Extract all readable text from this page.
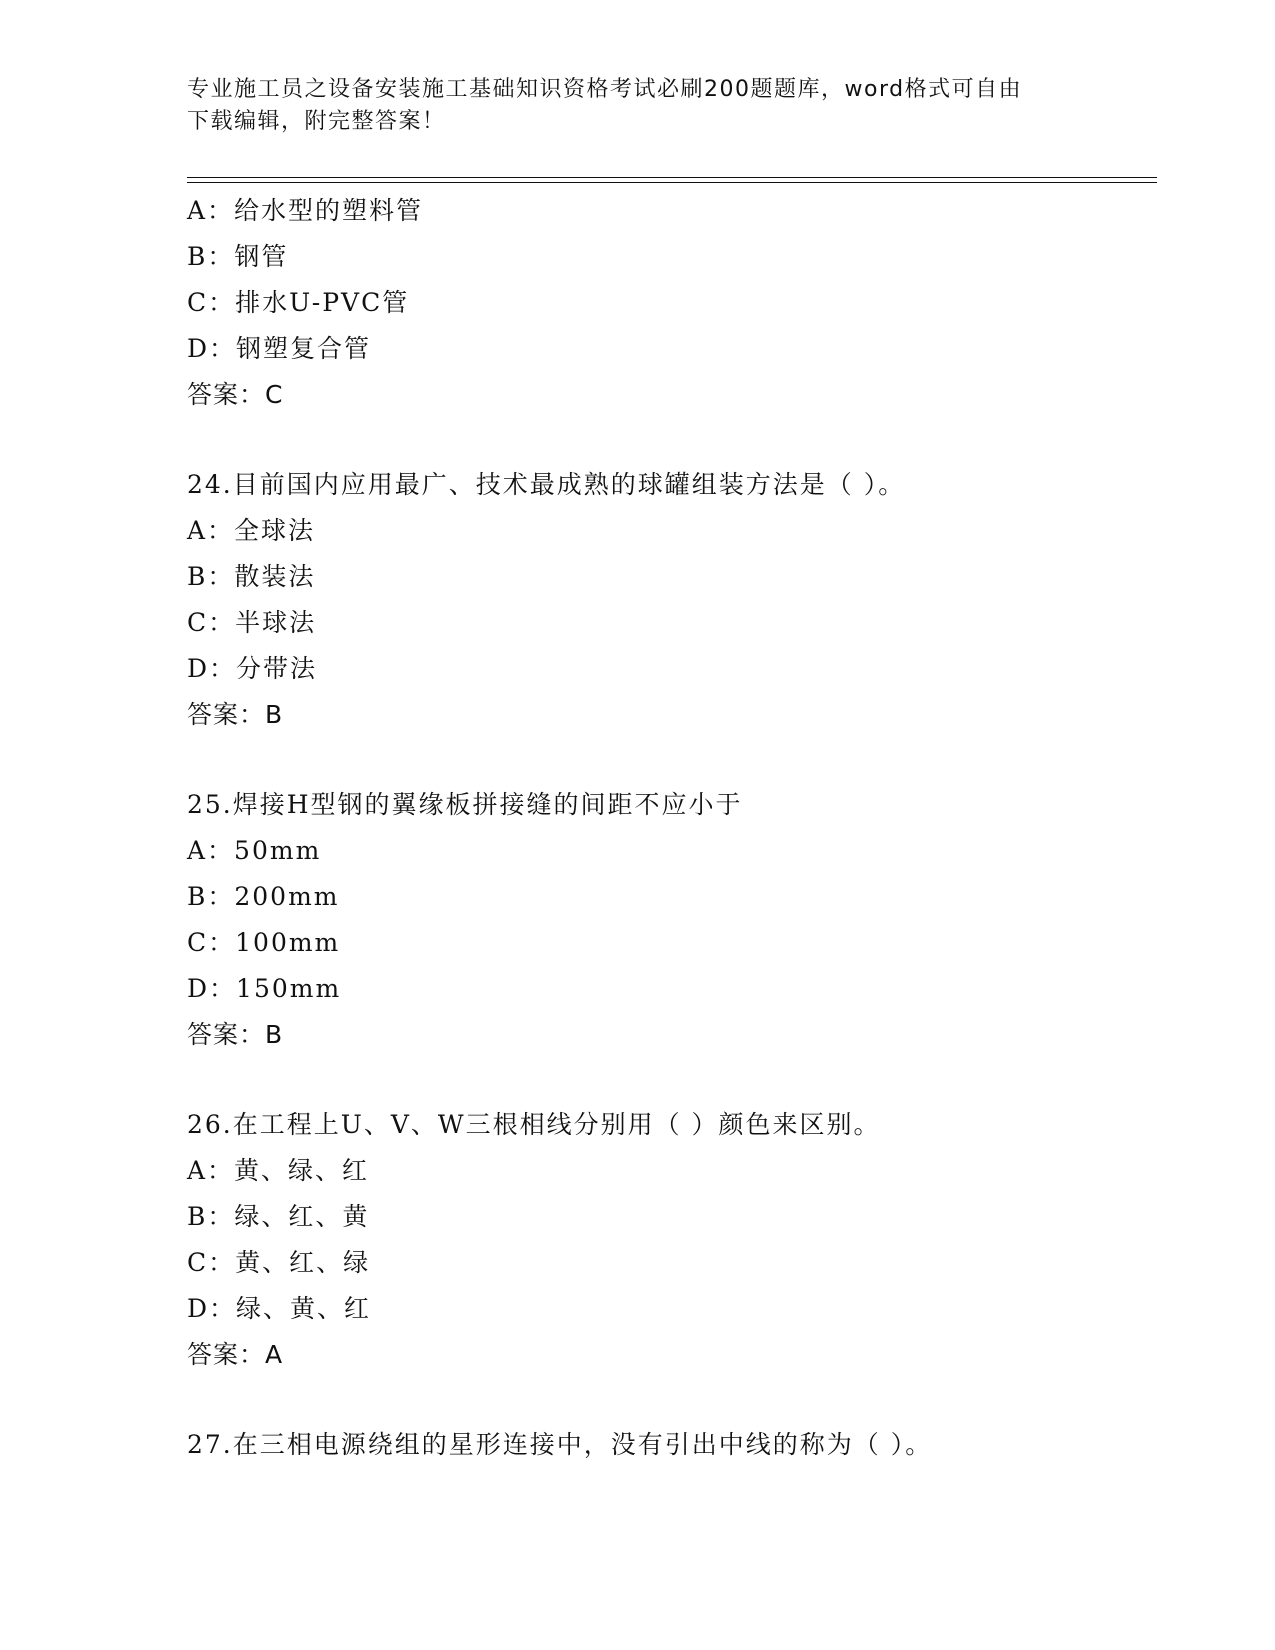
专业施工员之设备安装施工基础知识资格考试必刷200题题库，word格式可自由
下载编辑，附完整答案！
A：给水型的塑料管
B：钢管
C：排水U-PVC管
D：钢塑复合管
答案：C
24.目前国内应用最广、技术最成熟的球罐组装方法是（ ）。
A：全球法
B：散装法
C：半球法
D：分带法
答案：B
25.焊接H型钢的翼缘板拼接缝的间距不应小于
A：50mm
B：200mm
C：100mm
D：150mm
答案：B
26.在工程上U、V、W三根相线分别用（ ）颜色来区别。
A：黄、绿、红
B：绿、红、黄
C：黄、红、绿
D：绿、黄、红
答案：A
27.在三相电源绕组的星形连接中，没有引出中线的称为（ ）。
